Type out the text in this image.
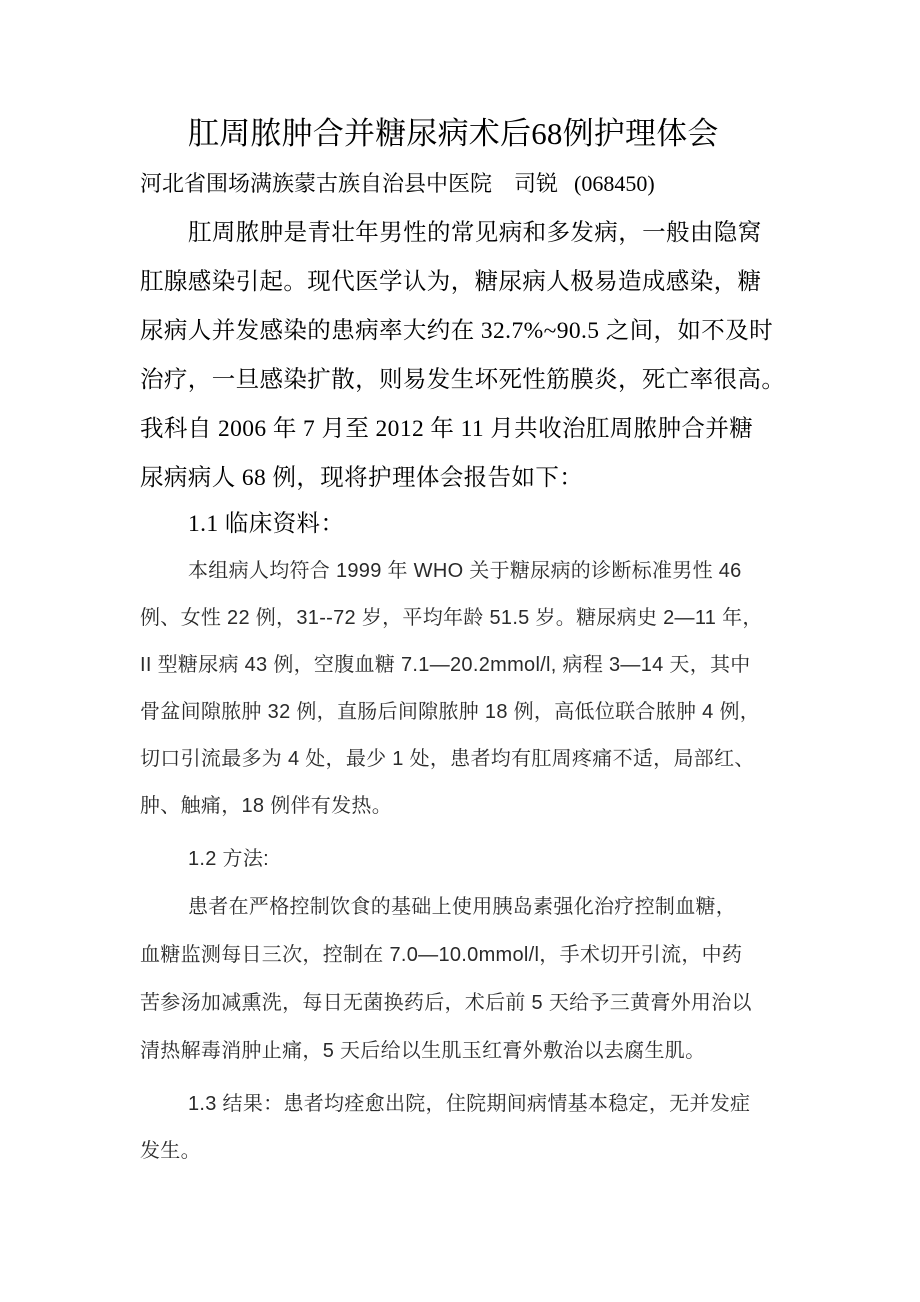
肛周脓肿合并糖尿病术后68例护理体会
河北省围场满族蒙古族自治县中医院 司锐 (068450)
肛周脓肿是青壮年男性的常见病和多发病，一般由隐窝
肛腺感染引起。现代医学认为，糖尿病人极易造成感染，糖
尿病人并发感染的患病率大约在 32.7%~90.5 之间，如不及时
治疗，一旦感染扩散，则易发生坏死性筋膜炎，死亡率很高。
我科自 2006 年 7 月至 2012 年 11 月共收治肛周脓肿合并糖
尿病病人 68 例，现将护理体会报告如下：
1.1 临床资料：
本组病人均符合 1999 年 WHO 关于糖尿病的诊断标准男性 46
例、女性 22 例，31--72 岁，平均年龄 51.5 岁。糖尿病史 2—11 年，
II 型糖尿病 43 例，空腹血糖 7.1—20.2mmol/l, 病程 3—14 天，其中
骨盆间隙脓肿 32 例，直肠后间隙脓肿 18 例，高低位联合脓肿 4 例，
切口引流最多为 4 处，最少 1 处，患者均有肛周疼痛不适，局部红、
肿、触痛，18 例伴有发热。
1.2 方法:
患者在严格控制饮食的基础上使用胰岛素强化治疗控制血糖，
血糖监测每日三次，控制在 7.0—10.0mmol/l，手术切开引流，中药
苦参汤加减熏洗，每日无菌换药后，术后前 5 天给予三黄膏外用治以
清热解毒消肿止痛，5 天后给以生肌玉红膏外敷治以去腐生肌。
1.3 结果：患者均痊愈出院，住院期间病情基本稳定，无并发症
发生。
